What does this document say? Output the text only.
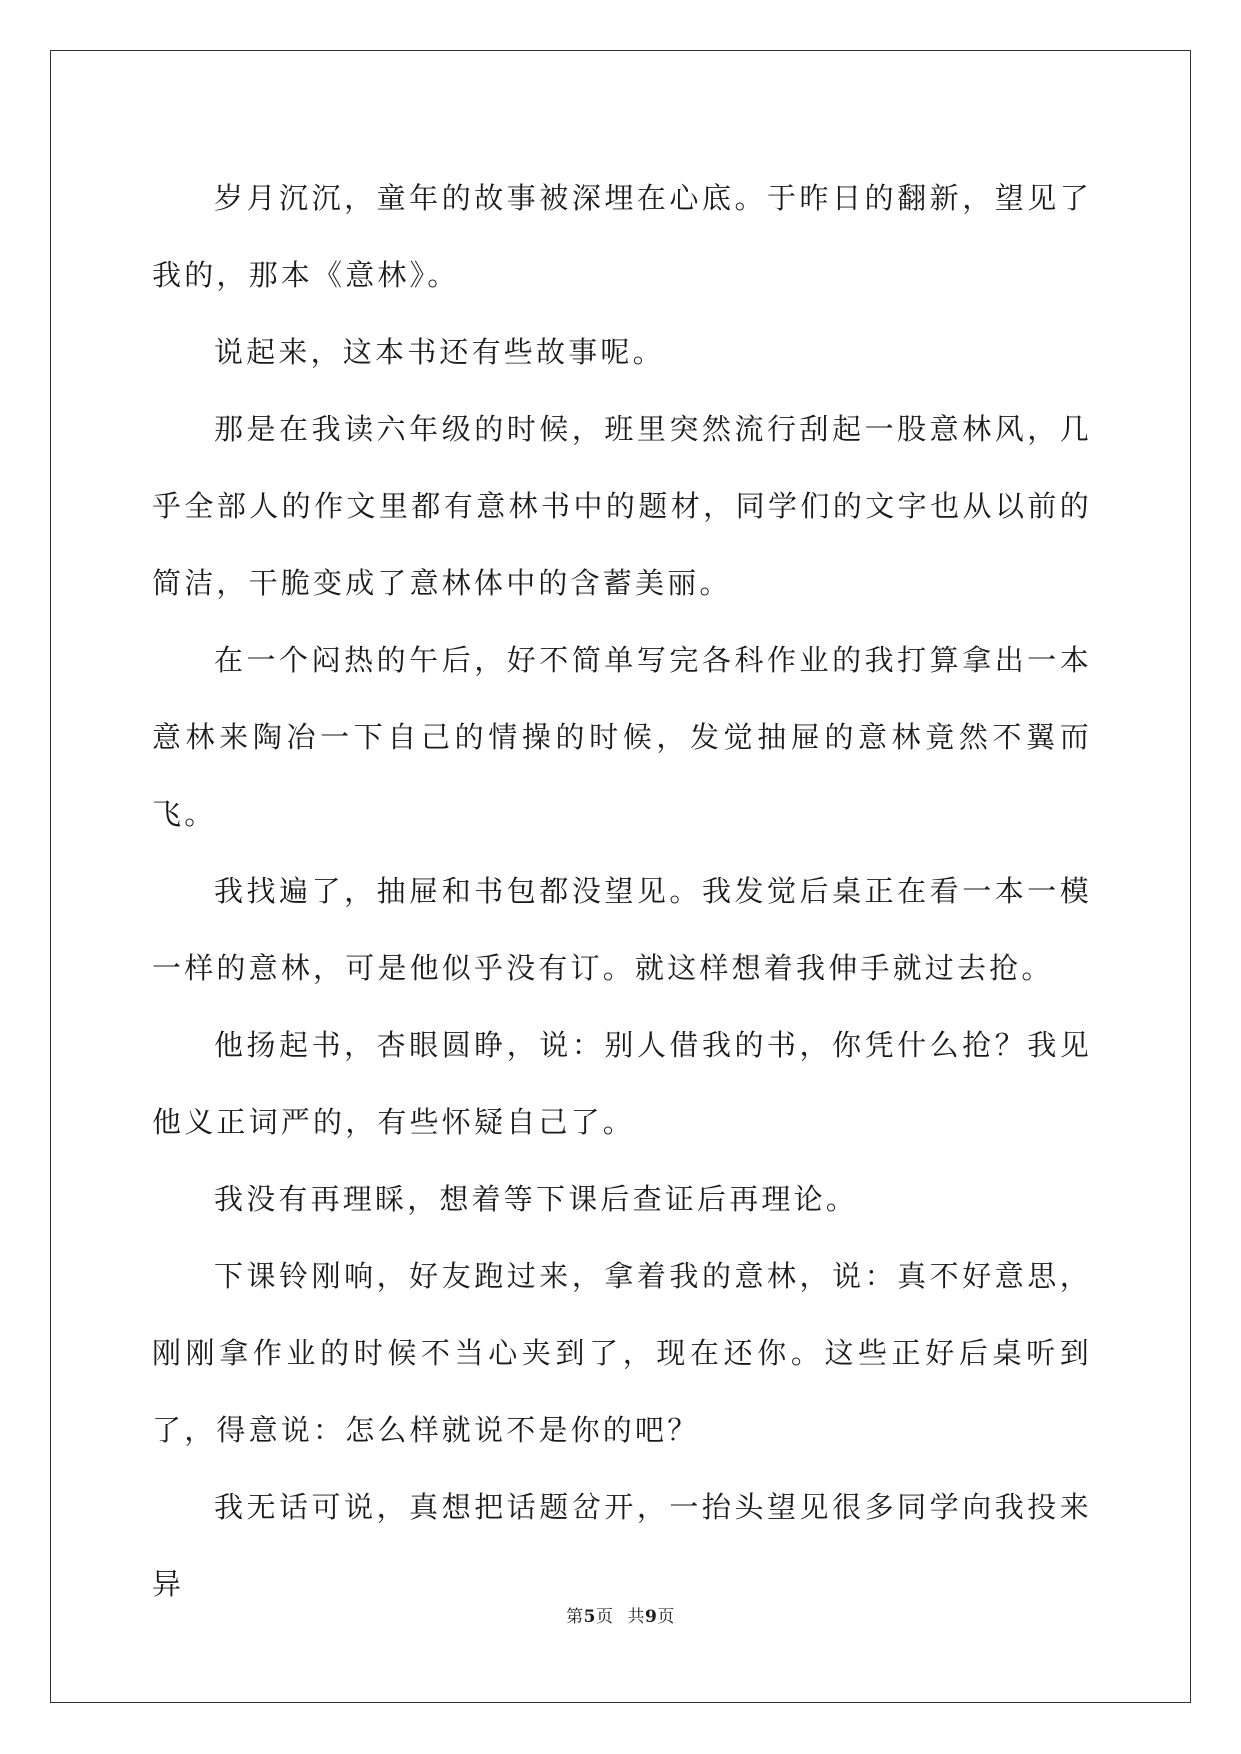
岁月沉沉，童年的故事被深埋在心底。于昨日的翻新，望见了我的，那本《意林》。

说起来，这本书还有些故事呢。

那是在我读六年级的时候，班里突然流行刮起一股意林风，几乎全部人的作文里都有意林书中的题材，同学们的文字也从以前的简洁，干脆变成了意林体中的含蓄美丽。

在一个闷热的午后，好不简单写完各科作业的我打算拿出一本意林来陶冶一下自己的情操的时候，发觉抽屉的意林竟然不翼而飞。

我找遍了，抽屉和书包都没望见。我发觉后桌正在看一本一模一样的意林，可是他似乎没有订。就这样想着我伸手就过去抢。

他扬起书，杏眼圆睁，说：别人借我的书，你凭什么抢？我见他义正词严的，有些怀疑自己了。

我没有再理睬，想着等下课后查证后再理论。

下课铃刚响，好友跑过来，拿着我的意林，说：真不好意思，刚刚拿作业的时候不当心夹到了，现在还你。这些正好后桌听到了，得意说：怎么样就说不是你的吧？

我无话可说，真想把话题岔开，一抬头望见很多同学向我投来异

第5页 共9页
